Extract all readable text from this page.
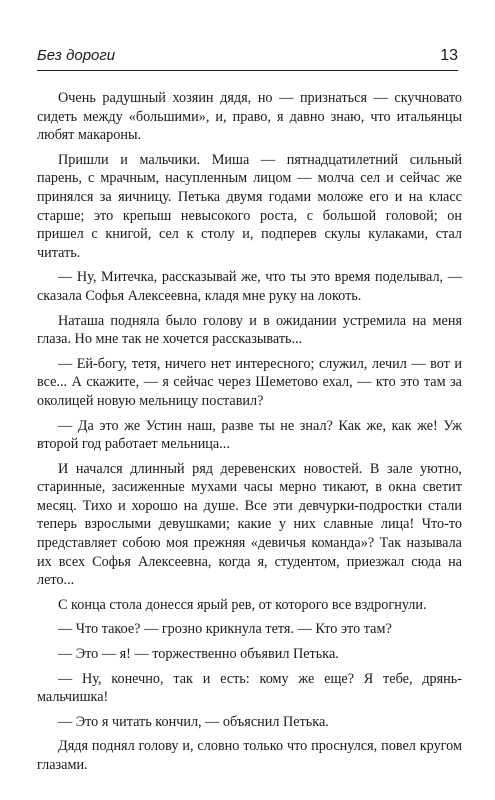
Без дороги	13

Очень радушный хозяин дядя, но — признаться — скучновато сидеть между «большими», и, право, я давно знаю, что итальянцы любят макароны.

Пришли и мальчики. Миша — пятнадцатилетний сильный парень, с мрачным, насупленным лицом — молча сел и сейчас же принялся за яичницу. Петька двумя годами моложе его и на класс старше; это крепыш невысокого роста, с большой головой; он пришел с книгой, сел к столу и, подперев скулы кулаками, стал читать.

— Ну, Митечка, рассказывай же, что ты это время поделывал, — сказала Софья Алексеевна, кладя мне руку на локоть.

Наташа подняла было голову и в ожидании устремила на меня глаза. Но мне так не хочется рассказывать...

— Ей-богу, тетя, ничего нет интересного; служил, лечил — вот и все... А скажите, — я сейчас через Шеметово ехал, — кто это там за околицей новую мельницу поставил?

— Да это же Устин наш, разве ты не знал? Как же, как же! Уж второй год работает мельница...

И начался длинный ряд деревенских новостей. В зале уютно, старинные, засиженные мухами часы мерно тикают, в окна светит месяц. Тихо и хорошо на душе. Все эти девчурки-подростки стали теперь взрослыми девушками; какие у них славные лица! Что-то представляет собою моя прежняя «девичья команда»? Так называла их всех Софья Алексеевна, когда я, студентом, приезжал сюда на лето...

С конца стола донесся ярый рев, от которого все вздрогнули.

— Что такое? — грозно крикнула тетя. — Кто это там?

— Это — я! — торжественно объявил Петька.

— Ну, конечно, так и есть: кому же еще? Я тебе, дрянь-мальчишка!

— Это я читать кончил, — объяснил Петька.

Дядя поднял голову и, словно только что проснулся, повел кругом глазами.
